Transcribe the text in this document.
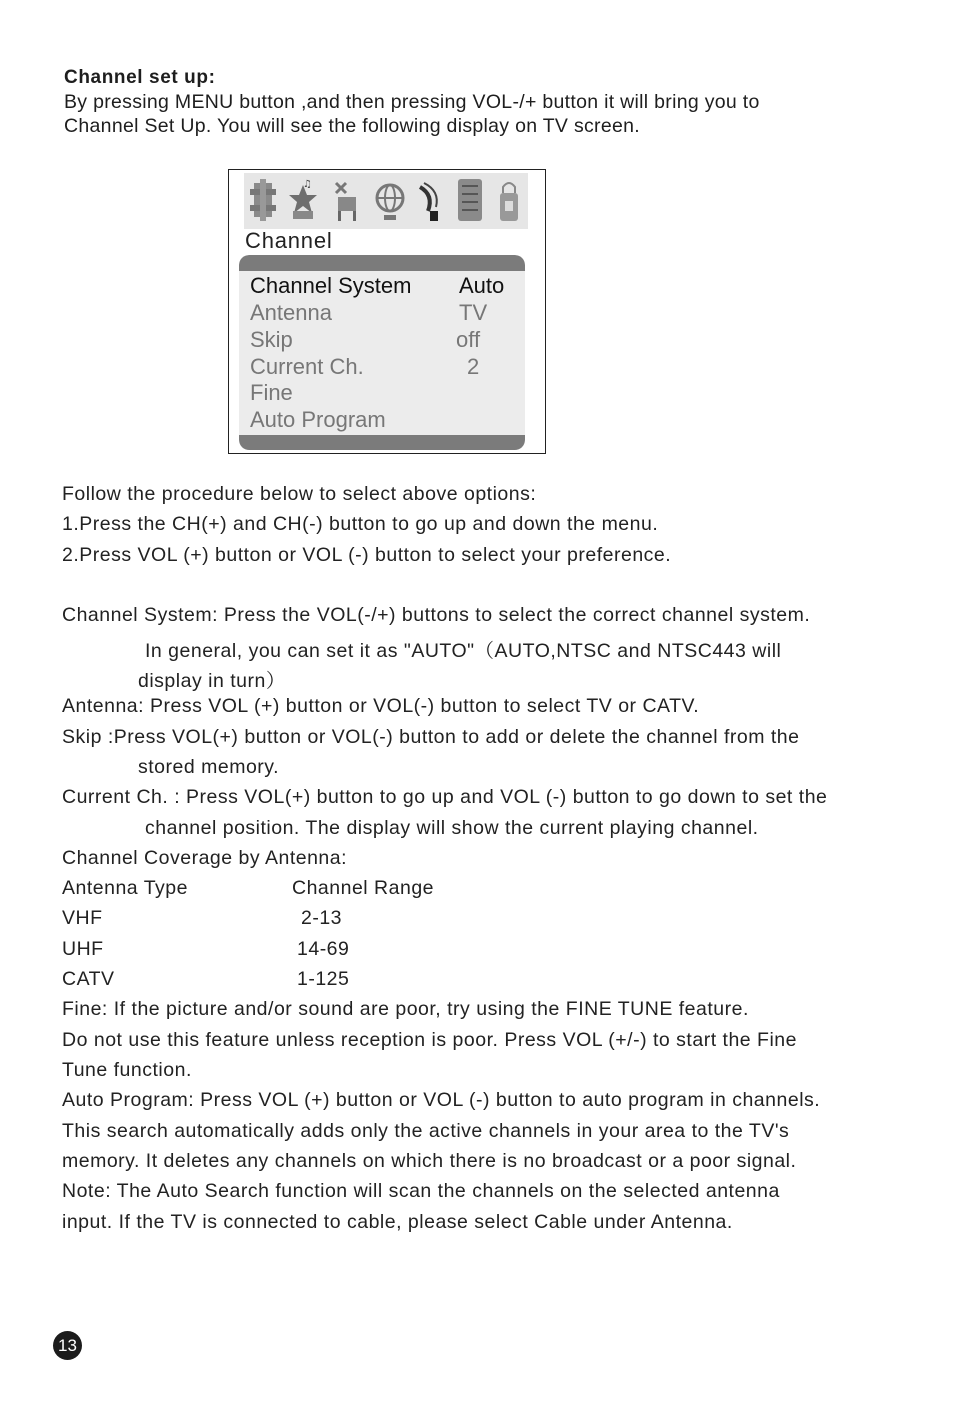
Channel set up:
By pressing MENU button ,and then pressing VOL-/+ button it will bring you to
Channel Set Up. You will see the following display on TV screen.
♫
Channel
Channel System Auto
Antenna	TV
Skip	off
Current Ch.	2
Fine
Auto Program
Follow the procedure below to select above options:
1.Press the CH(+) and CH(-) button to go up and down the menu.
2.Press VOL (+) button or VOL (-) button to select your preference.
Channel System: Press the VOL(-/+) buttons to select the correct channel system.
In general, you can set it as "AUTO"（AUTO,NTSC and NTSC443 will
display in turn）
Antenna: Press VOL (+) button or VOL(-) button to select TV or CATV.
Skip :Press VOL(+) button or VOL(-) button to add or delete the channel from the
stored memory.
Current Ch. : Press VOL(+) button to go up and VOL (-) button to go down to set the
channel position. The display will show the current playing channel.
Channel Coverage by Antenna:
Antenna Type	Channel Range
VHF	2-13
UHF	14-69
CATV	1-125
Fine: If the picture and/or sound are poor, try using the FINE TUNE feature.
Do not use this feature unless reception is poor. Press VOL (+/-) to start the Fine
Tune function.
Auto Program: Press VOL (+) button or VOL (-) button to auto program in channels.
This search automatically adds only the active channels in your area to the TV's
memory. It deletes any channels on which there is no broadcast or a poor signal.
Note: The Auto Search function will scan the channels on the selected antenna
input. If the TV is connected to cable, please select Cable under Antenna.
13
